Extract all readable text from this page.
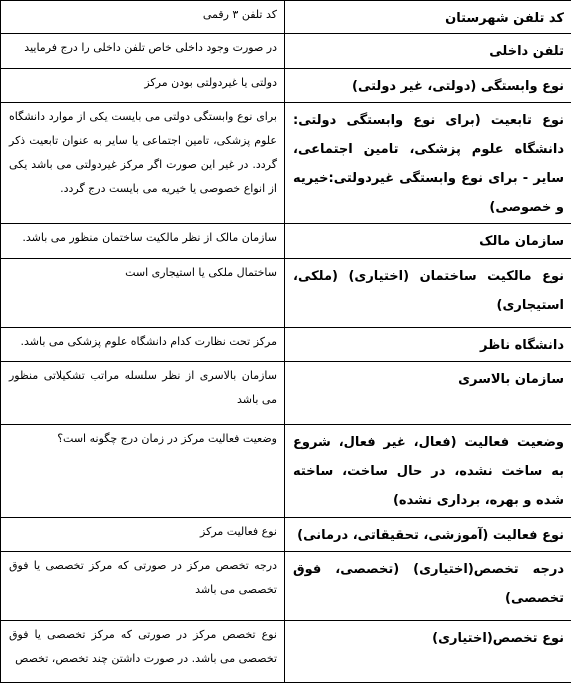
کد تلفن شهرستان	کد تلفن ۳ رقمی
تلفن داخلی	در صورت وجود داخلی خاص تلفن داخلی را درج فرمایید
نوع وابستگی (دولتی، غیر دولتی)	دولتی یا غیردولتی بودن مرکز
نوع تابعیت (برای نوع وابستگی دولتی: دانشگاه علوم پزشکی، تامین اجتماعی، سایر - برای نوع وابستگی غیردولتی:خیریه و خصوصی)	برای نوع وابستگی دولتی می بایست یکی از موارد دانشگاه علوم پزشکی، تامین اجتماعی یا سایر به عنوان تابعیت ذکر گردد. در غیر این صورت اگر مرکز غیردولتی می باشد یکی از انواع خصوصی یا خیریه می بایست درج گردد.
سازمان مالک	سازمان مالک از نظر مالکیت ساختمان منظور می باشد.
نوع مالکیت ساختمان (اختیاری) (ملکی، استیجاری)	ساختمال ملکی یا استیجاری است
دانشگاه ناظر	مرکز تحت نظارت کدام دانشگاه علوم پزشکی می باشد.
سازمان بالاسری	سازمان بالاسری از نظر سلسله مراتب تشکیلاتی منظور می باشد
وضعیت فعالیت (فعال، غیر فعال، شروع به ساخت نشده، در حال ساخت، ساخته شده و بهره، برداری نشده)	وضعیت فعالیت مرکز در زمان درج چگونه است؟
نوع فعالیت (آموزشی، تحقیقاتی، درمانی)	نوع فعالیت مرکز
درجه تخصص(اختیاری) (تخصصی، فوق تخصصی)	درجه تخصص مرکز در صورتی که مرکز تخصصی یا فوق تخصصی می باشد
نوع تخصص(اختیاری)	نوع تخصص مرکز در صورتی که مرکز تخصصی یا فوق تخصصی می باشد. در صورت داشتن چند تخصص، تخصص
